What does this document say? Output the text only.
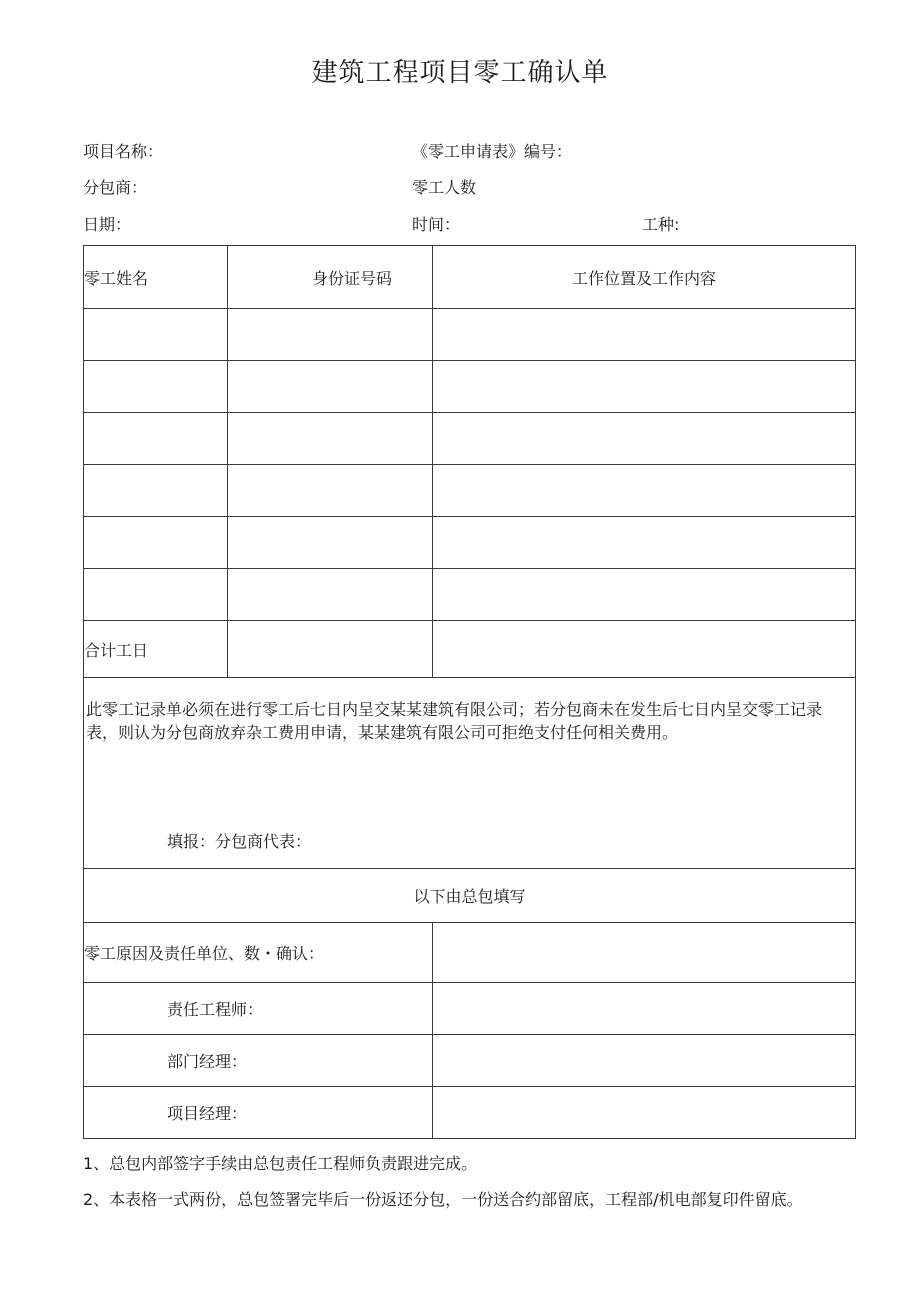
建筑工程项目零工确认单
项目名称：	《零工申请表》编号：
分包商：	零工人数
日期：	时间：	工种:
零工姓名	身份证号码	工作位置及工作内容

合计工日		

此零工记录单必须在进行零工后七日内呈交某某建筑有限公司；若分包商未在发生后七日内呈交零工记录表，则认为分包商放弃杂工费用申请，某某建筑有限公司可拒绝支付任何相关费用。
填报：分包商代表：		

以下由总包填写		
零工原因及责任单位、数・确认：		
责任工程师：		
部门经理：		
项目经理：		
1、总包内部签字手续由总包责任工程师负责跟进完成。
2、本表格一式两份，总包签署完毕后一份返还分包，一份送合约部留底，工程部/机电部复印件留底。
